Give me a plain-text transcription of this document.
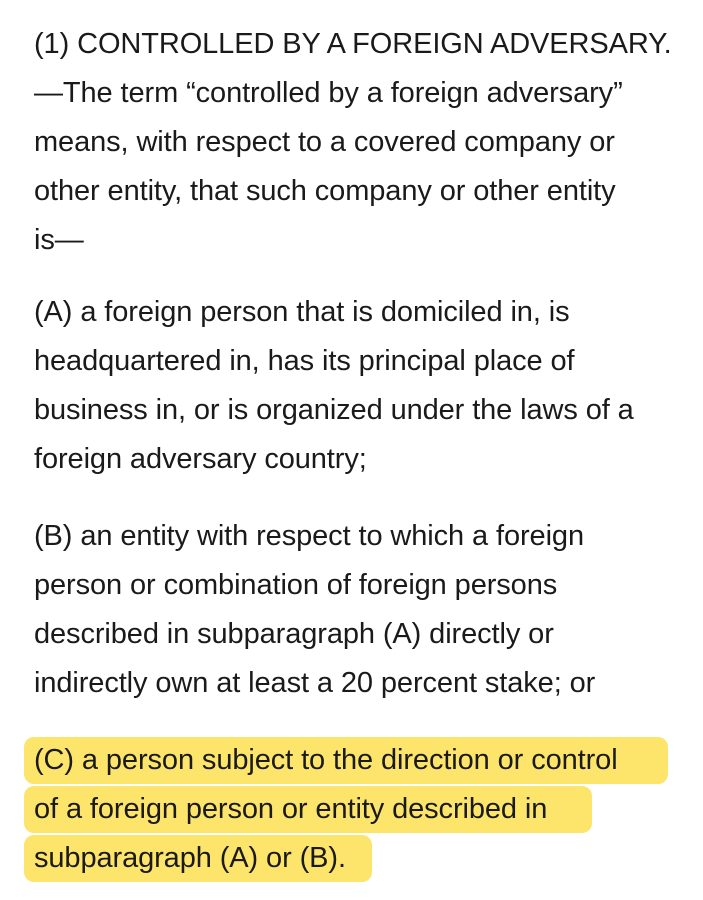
(1) CONTROLLED BY A FOREIGN ADVERSARY.
—The term “controlled by a foreign adversary”
means, with respect to a covered company or
other entity, that such company or other entity
is—
(A) a foreign person that is domiciled in, is
headquartered in, has its principal place of
business in, or is organized under the laws of a
foreign adversary country;
(B) an entity with respect to which a foreign
person or combination of foreign persons
described in subparagraph (A) directly or
indirectly own at least a 20 percent stake; or
(C) a person subject to the direction or control
of a foreign person or entity described in
subparagraph (A) or (B).
